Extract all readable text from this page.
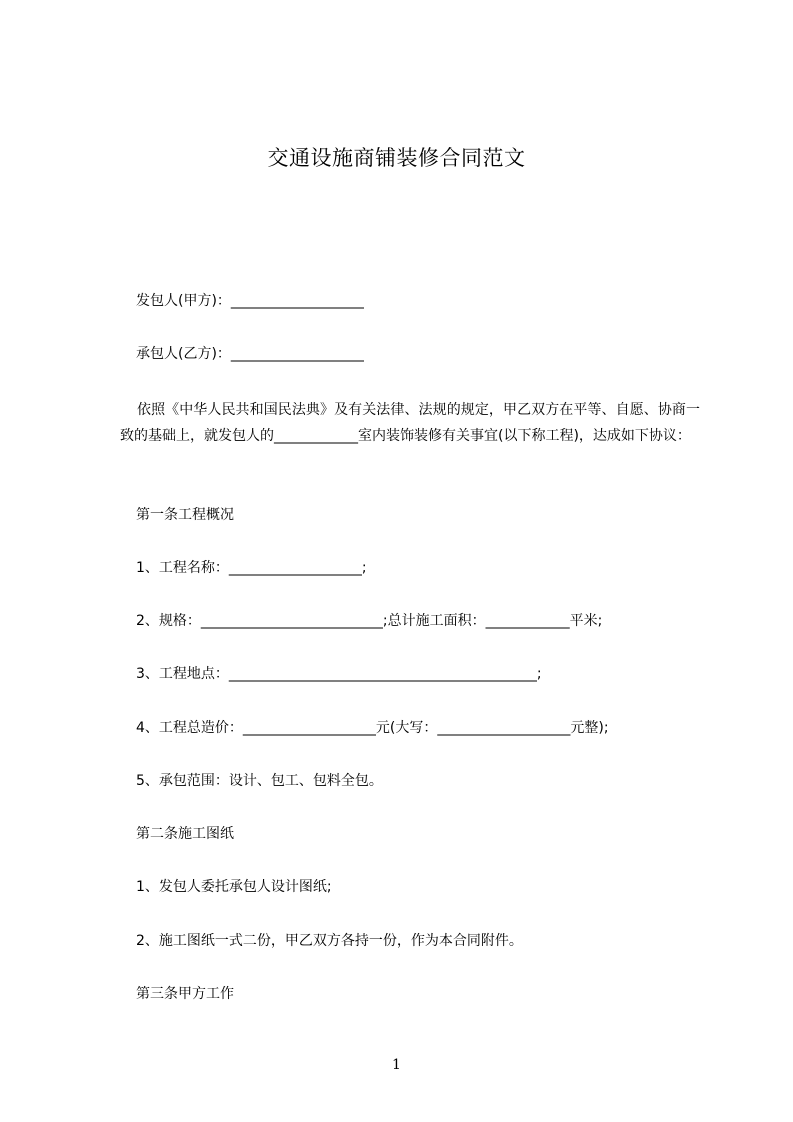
交通设施商铺装修合同范文
发包人(甲方)：___________________
承包人(乙方)：___________________
依照《中华人民共和国民法典》及有关法律、法规的规定，甲乙双方在平等、自愿、协商一致的基础上，就发包人的____________室内装饰装修有关事宜(以下称工程)，达成如下协议：
第一条工程概况
1、工程名称：___________________;
2、规格：__________________________;总计施工面积：____________平米;
3、工程地点：____________________________________________;
4、工程总造价：___________________元(大写：___________________元整);
5、承包范围：设计、包工、包料全包。
第二条施工图纸
1、发包人委托承包人设计图纸;
2、施工图纸一式二份，甲乙双方各持一份，作为本合同附件。
第三条甲方工作
1
